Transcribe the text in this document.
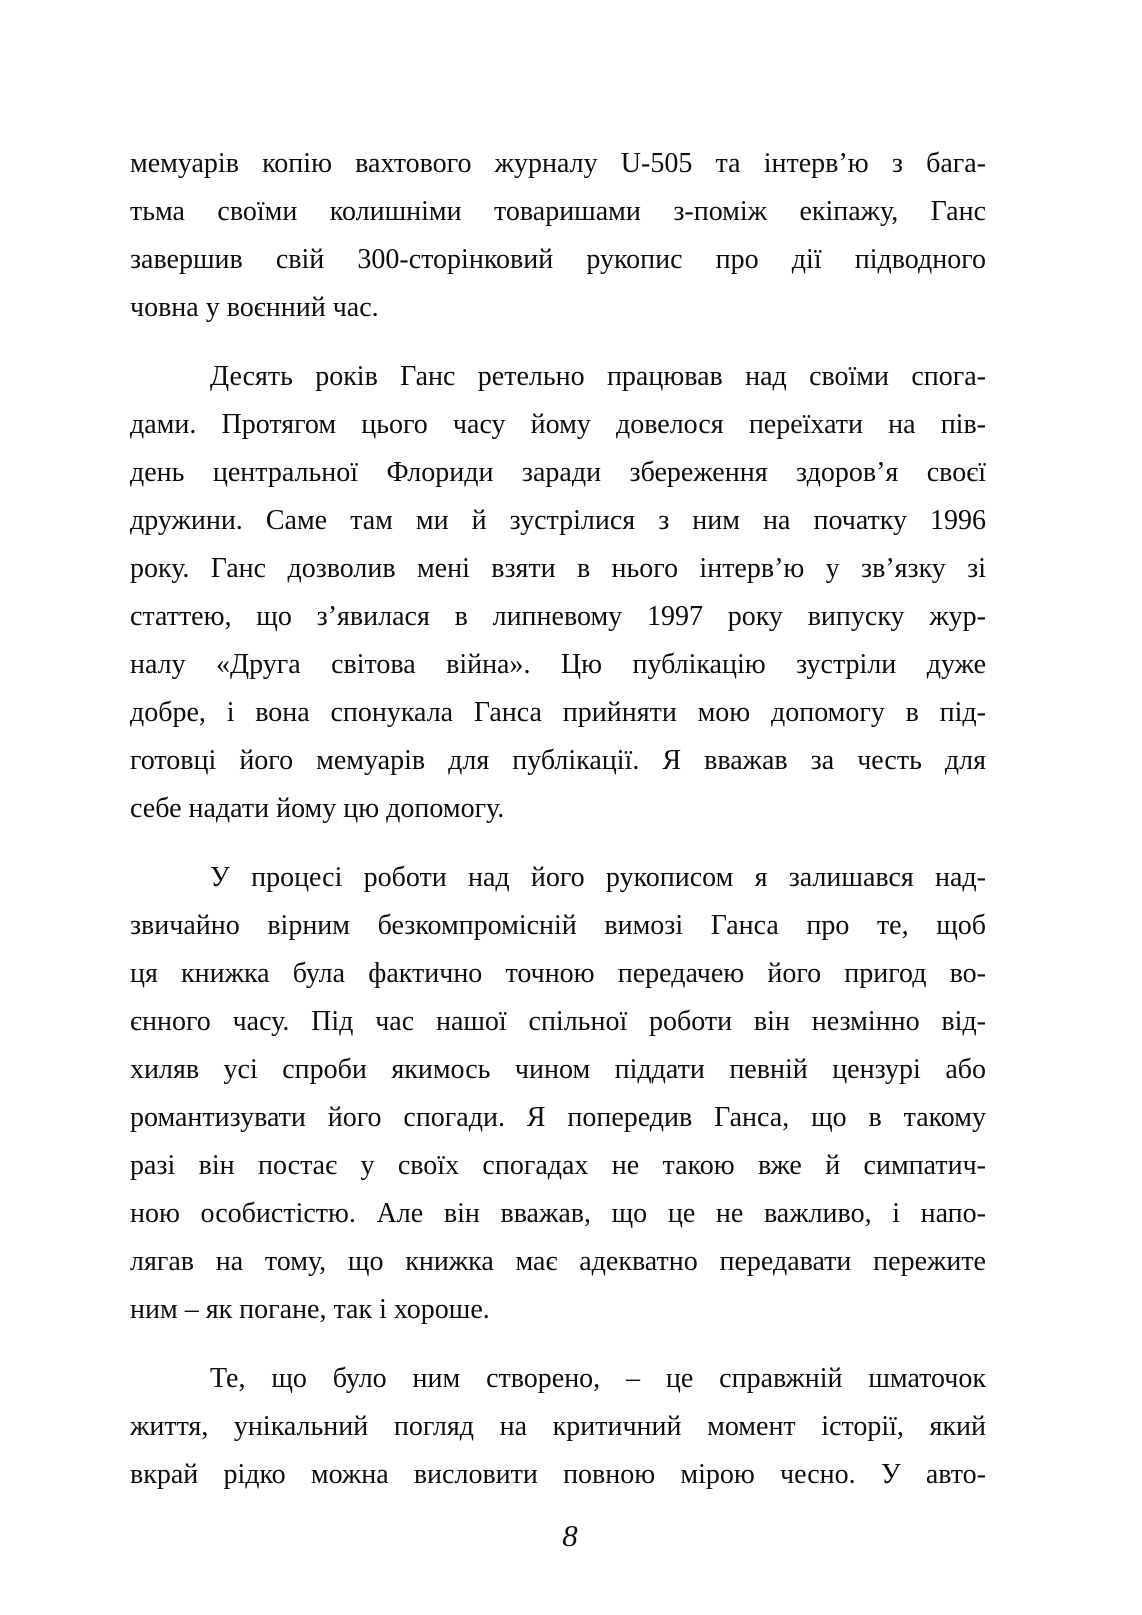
мемуарів копію вахтового журналу U-505 та інтерв’ю з бага-
тьма своїми колишніми товаришами з-поміж екіпажу, Ганс
завершив свій 300-сторінковий рукопис про дії підводного
човна у воєнний час.
Десять років Ганс ретельно працював над своїми спога-
дами. Протягом цього часу йому довелося переїхати на пів-
день центральної Флориди заради збереження здоров’я своєї
дружини. Саме там ми й зустрілися з ним на початку 1996
року. Ганс дозволив мені взяти в нього інтерв’ю у зв’язку зі
статтею, що з’явилася в липневому 1997 року випуску жур-
налу «Друга світова війна». Цю публікацію зустріли дуже
добре, і вона спонукала Ганса прийняти мою допомогу в під-
готовці його мемуарів для публікації. Я вважав за честь для
себе надати йому цю допомогу.
У процесі роботи над його рукописом я залишався над-
звичайно вірним безкомпромісній вимозі Ганса про те, щоб
ця книжка була фактично точною передачею його пригод во-
єнного часу. Під час нашої спільної роботи він незмінно від-
хиляв усі спроби якимось чином піддати певній цензурі або
романтизувати його спогади. Я попередив Ганса, що в такому
разі він постає у своїх спогадах не такою вже й симпатич-
ною особистістю. Але він вважав, що це не важливо, і напо-
лягав на тому, що книжка має адекватно передавати пережите
ним – як погане, так і хороше.
Те, що було ним створено, – це справжній шматочок
життя, унікальний погляд на критичний момент історії, який
вкрай рідко можна висловити повною мірою чесно. У авто-
8
